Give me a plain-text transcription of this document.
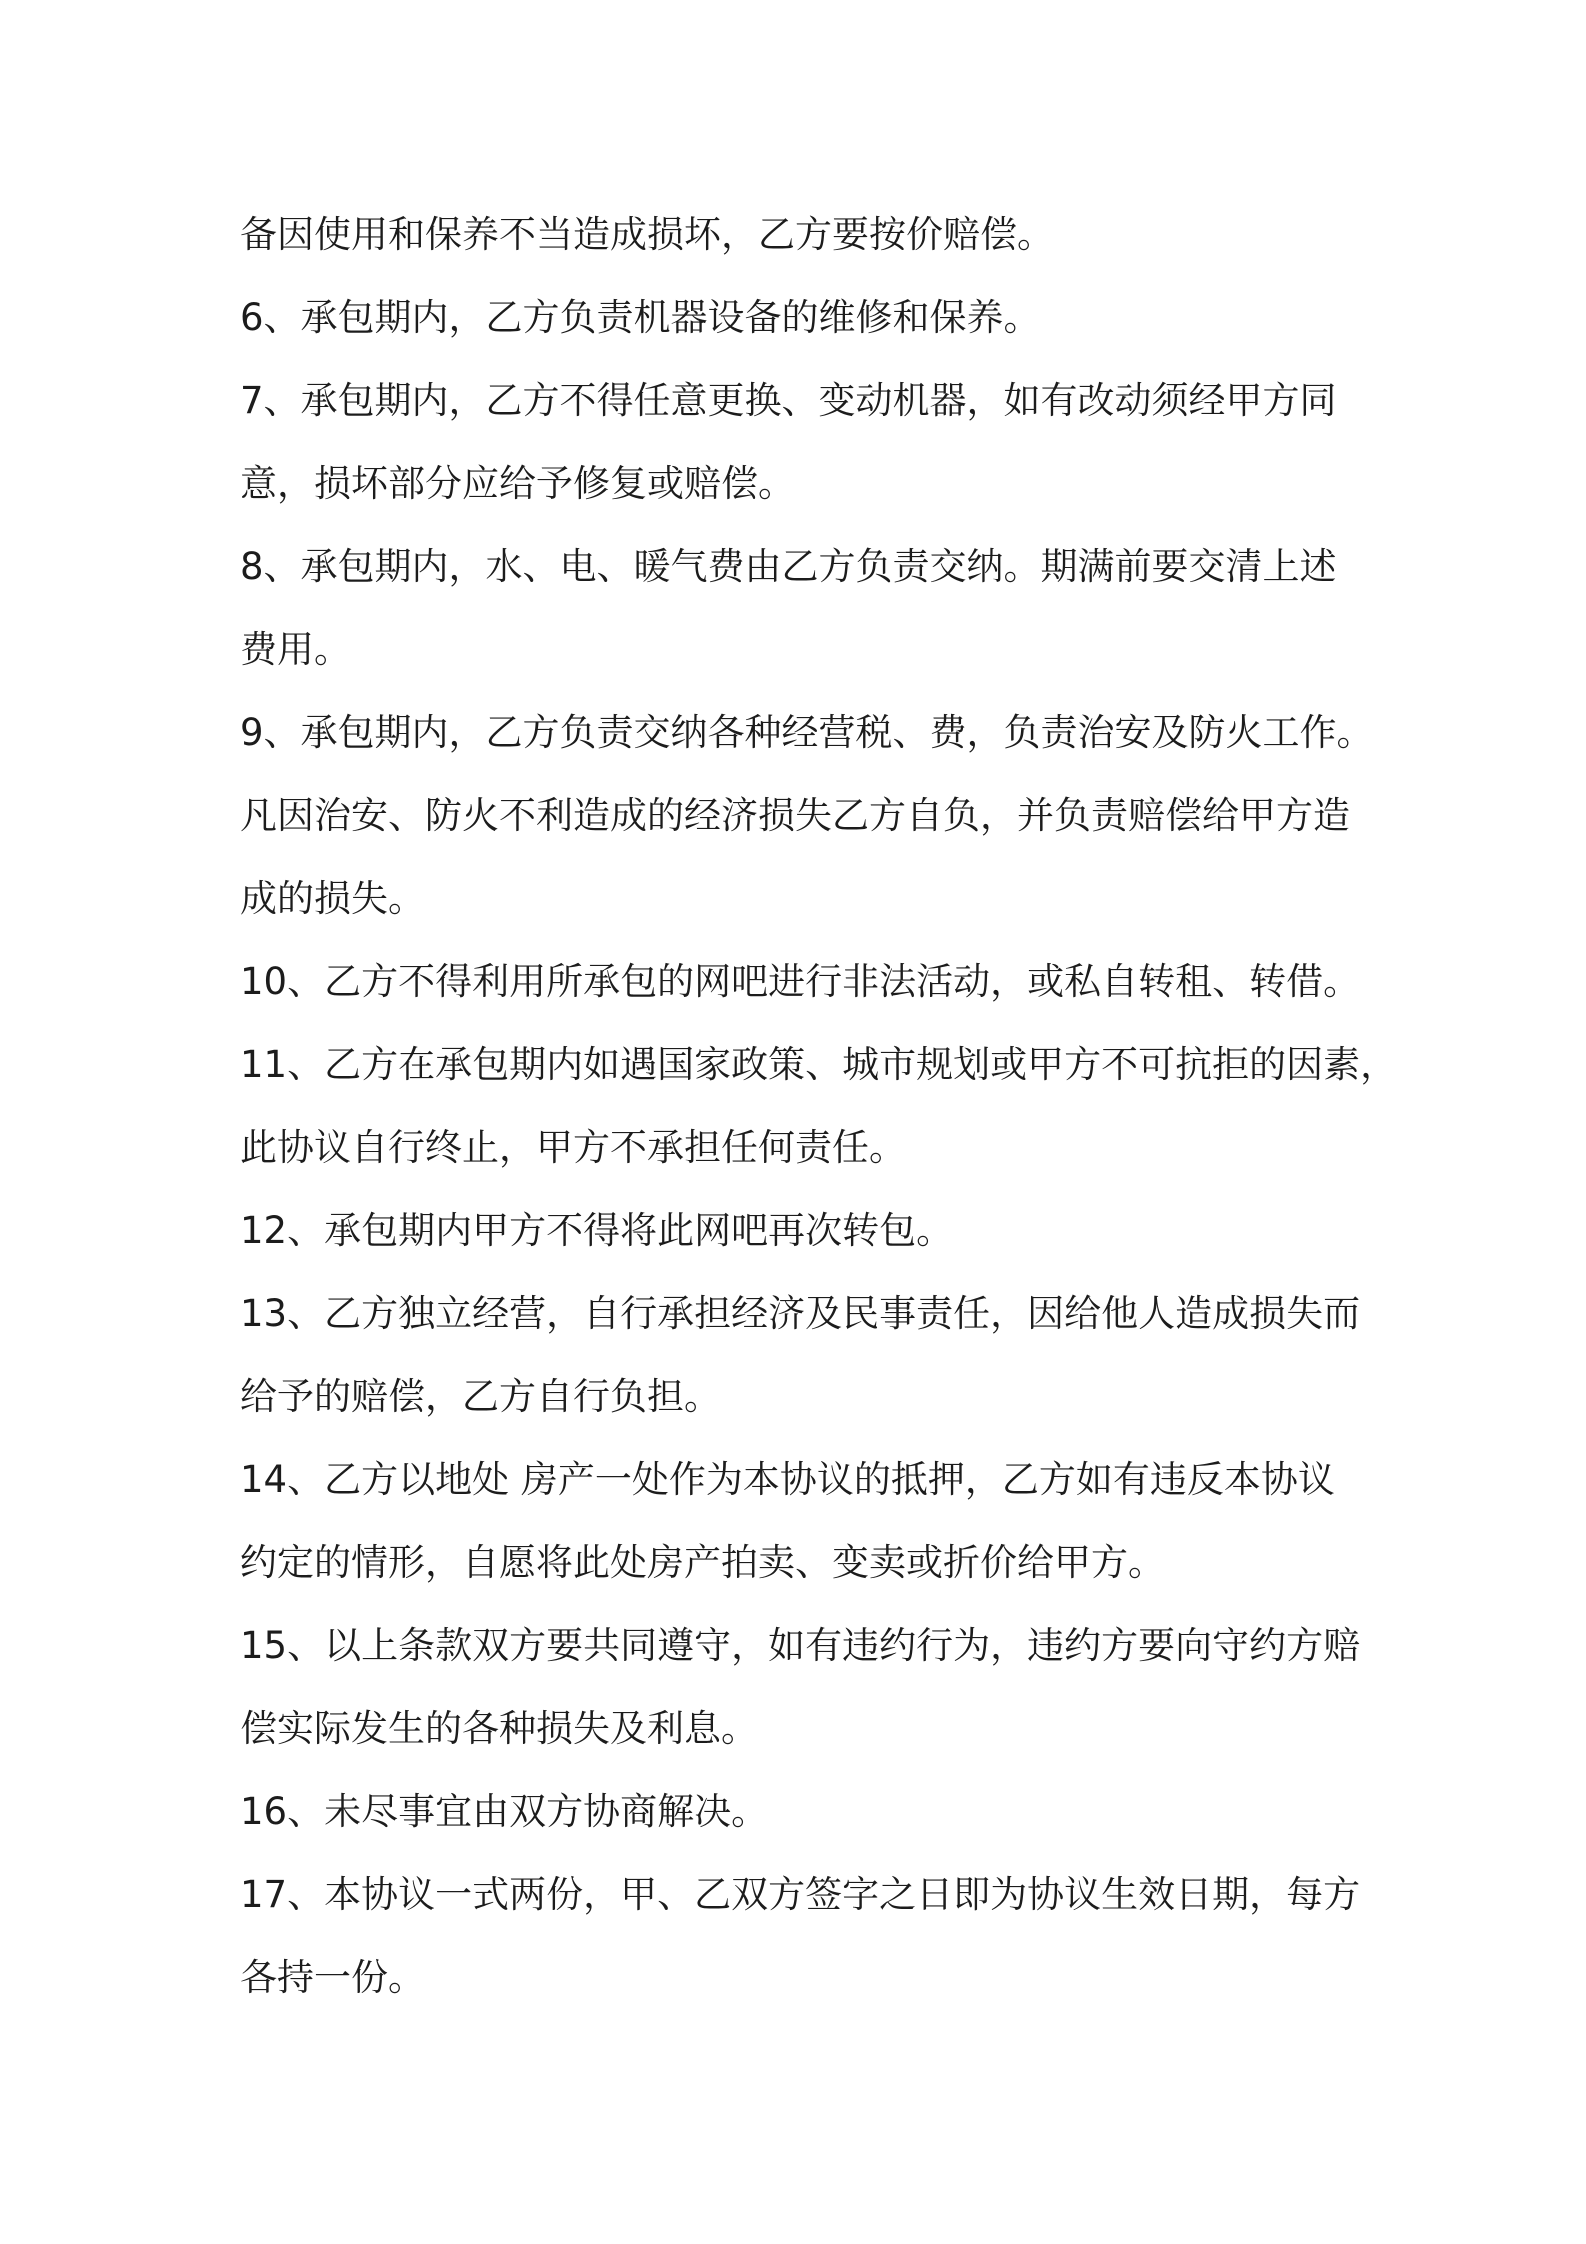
备因使用和保养不当造成损坏，乙方要按价赔偿。
6、承包期内，乙方负责机器设备的维修和保养。
7、承包期内，乙方不得任意更换、变动机器，如有改动须经甲方同
意，损坏部分应给予修复或赔偿。
8、承包期内，水、电、暖气费由乙方负责交纳。期满前要交清上述
费用。
9、承包期内，乙方负责交纳各种经营税、费，负责治安及防火工作。
凡因治安、防火不利造成的经济损失乙方自负，并负责赔偿给甲方造
成的损失。
10、乙方不得利用所承包的网吧进行非法活动，或私自转租、转借。
11、乙方在承包期内如遇国家政策、城市规划或甲方不可抗拒的因素，
此协议自行终止，甲方不承担任何责任。
12、承包期内甲方不得将此网吧再次转包。
13、乙方独立经营，自行承担经济及民事责任，因给他人造成损失而
给予的赔偿，乙方自行负担。
14、乙方以地处 房产一处作为本协议的抵押，乙方如有违反本协议
约定的情形，自愿将此处房产拍卖、变卖或折价给甲方。
15、以上条款双方要共同遵守，如有违约行为，违约方要向守约方赔
偿实际发生的各种损失及利息。
16、未尽事宜由双方协商解决。
17、本协议一式两份，甲、乙双方签字之日即为协议生效日期，每方
各持一份。
